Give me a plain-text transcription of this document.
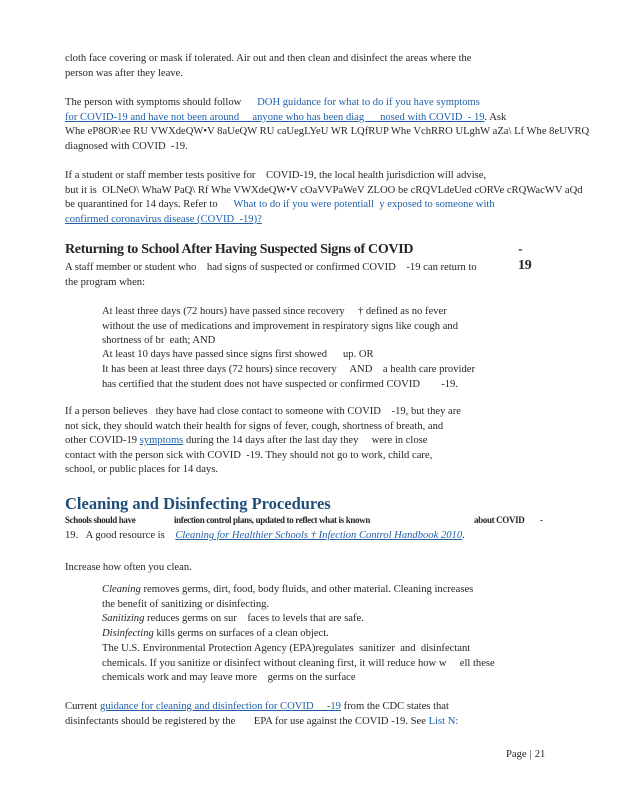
cloth face covering or mask if tolerated. Air out and then clean and disinfect the areas where the
person was after they leave.
The person with symptoms should follow DOH guidance for what to do if you have symptoms
for COVID-19 and have not been around     anyone who has been diag      nosed with COVID  - 19. Ask
Whe eP8OR\ee RU VWXdeQW•V 8aUeQW RU caUegLYeU WR LQfRUP Whe VchRRO ULghW aZa\ Lf Whe 8eUVRQ
diagnosed with COVID  -19.
If a student or staff member tests positive for    COVID-19, the local health jurisdiction will advise,
but it is  OLNeO\ WhaW PaQ\ Rf Whe VWXdeQW•V cOaVVPaWeV ZLOO be cRQVLdeUed cORVe cRQWacWV aQd
be quarantined for 14 days. Refer to What to do if you were potentiall  y exposed to someone with
confirmed coronavirus disease (COVID  -19)?
Returning to School After Having Suspected Signs of COVID	- 19
A staff member or student who    had signs of suspected or confirmed COVID    -19 can return to
the program when:
At least three days (72 hours) have passed since recovery     † defined as no fever
without the use of medications and improvement in respiratory signs like cough and
shortness of br  eath; AND
At least 10 days have passed since signs first showed      up. OR
It has been at least three days (72 hours) since recovery     AND    a health care provider
has certified that the student does not have suspected or confirmed COVID        -19.
If a person believes   they have had close contact to someone with COVID    -19, but they are
not sick, they should watch their health for signs of fever, cough, shortness of breath, and
other COVID-19 symptoms during the 14 days after the last day they     were in close
contact with the person sick with COVID  -19. They should not go to work, child care,
school, or public places for 14 days.
Cleaning and Disinfecting Procedures
Schools should have	infection control plans, updated to reflect what is known	about COVID -
19.   A good resource is Cleaning for Healthier Schools † Infection Control Handbook 2010.
Increase how often you clean.
Cleaning removes germs, dirt, food, body fluids, and other material. Cleaning increases
the benefit of sanitizing or disinfecting.
Sanitizing reduces germs on sur    faces to levels that are safe.
Disinfecting kills germs on surfaces of a clean object.
The U.S. Environmental Protection Agency (EPA)regulates  sanitizer  and  disinfectant
chemicals. If you sanitize or disinfect without cleaning first, it will reduce how w     ell these
chemicals work and may leave more    germs on the surface
Current guidance for cleaning and disinfection for COVID     -19 from the CDC states that
disinfectants should be registered by the       EPA for use against the COVID -19. See List N:
Page | 21
